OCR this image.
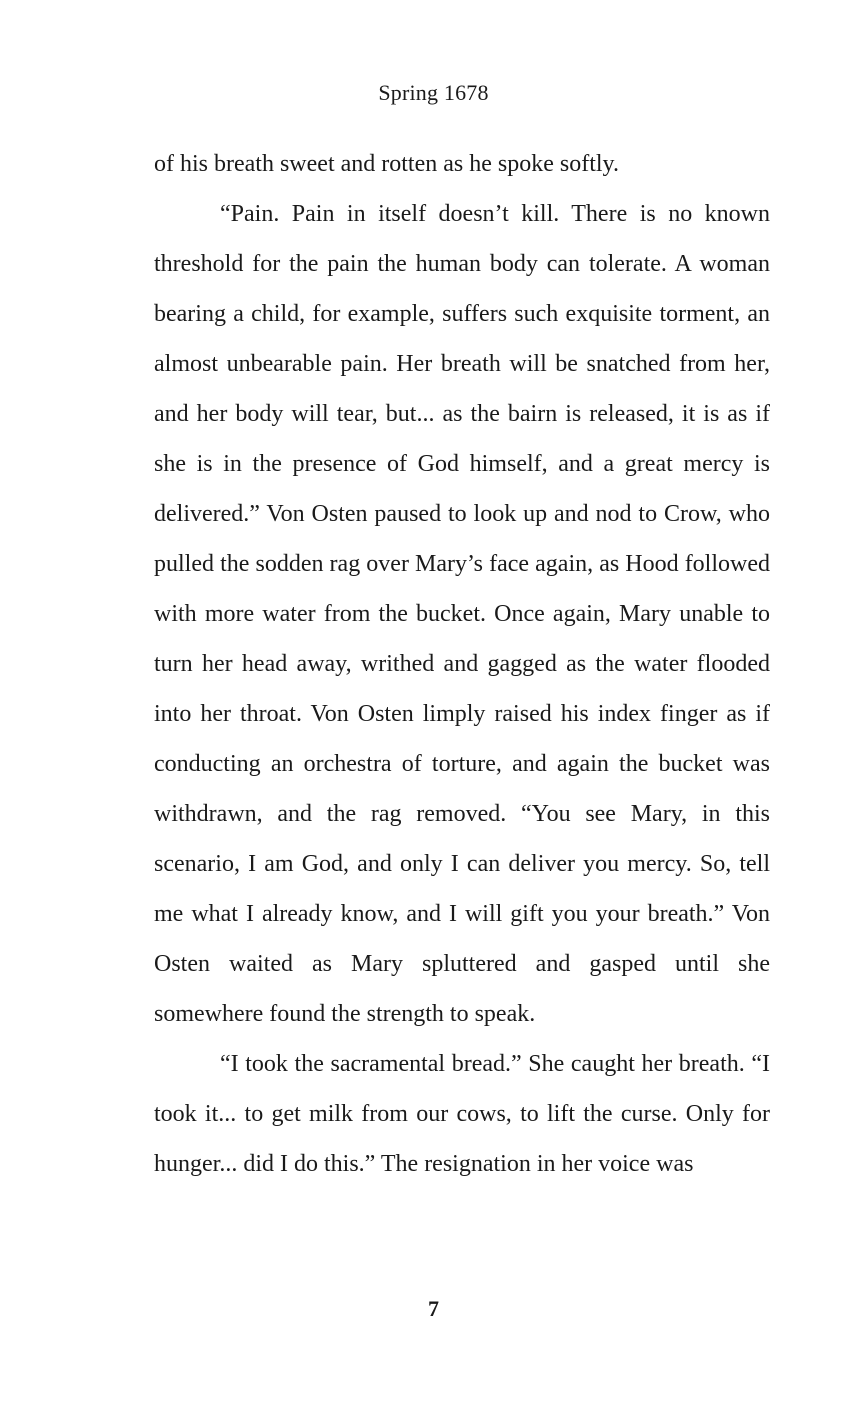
Spring 1678

of his breath sweet and rotten as he spoke softly.

“Pain. Pain in itself doesn’t kill. There is no known threshold for the pain the human body can tolerate. A woman bearing a child, for example, suffers such exquisite torment, an almost unbearable pain. Her breath will be snatched from her, and her body will tear, but... as the bairn is released, it is as if she is in the presence of God himself, and a great mercy is delivered.” Von Osten paused to look up and nod to Crow, who pulled the sodden rag over Mary’s face again, as Hood followed with more water from the bucket. Once again, Mary unable to turn her head away, writhed and gagged as the water flooded into her throat. Von Osten limply raised his index finger as if conducting an orchestra of torture, and again the bucket was withdrawn, and the rag removed. “You see Mary, in this scenario, I am God, and only I can deliver you mercy. So, tell me what I already know, and I will gift you your breath.” Von Osten waited as Mary spluttered and gasped until she somewhere found the strength to speak.

“I took the sacramental bread.” She caught her breath. “I took it... to get milk from our cows, to lift the curse. Only for hunger... did I do this.” The resignation in her voice was

7
